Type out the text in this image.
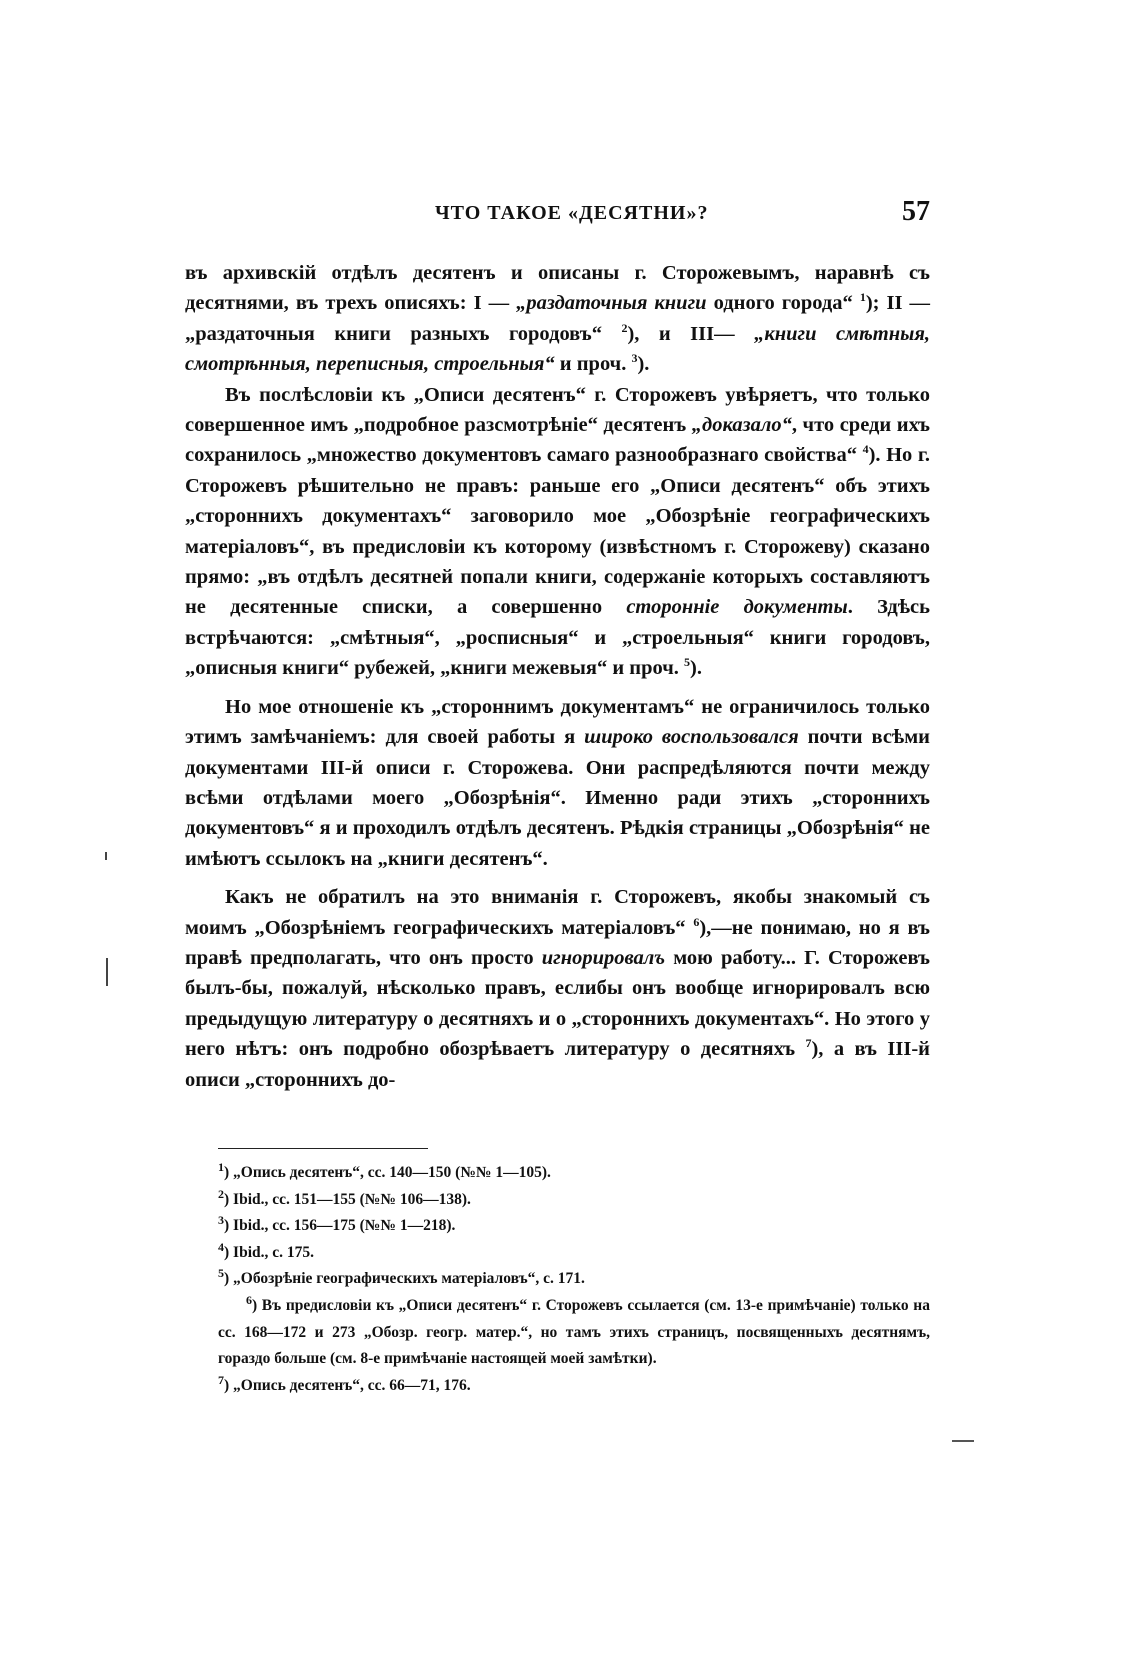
ЧТО ТАКОЕ «ДЕСЯТНИ»?	57

въ архивскій отдѣлъ десятенъ и описаны г. Сторожевымъ, наравнѣ съ десятнями, въ трехъ описяхъ: I — „раздаточныя книги одного города“ $^1$); II — „раздаточныя книги разныхъ городовъ“ $^2$), и III— „книги смѣтныя, смотрѣнныя, переписныя, строельныя“ и проч. $^3$).

Въ послѣсловіи къ „Описи десятенъ“ г. Сторожевъ увѣряетъ, что только совершенное имъ „подробное разсмотрѣніе“ десятенъ „доказало“, что среди ихъ сохранилось „множество документовъ самаго разнообразнаго свойства“ $^4$). Но г. Сторожевъ рѣшительно не правъ: раньше его „Описи десятенъ“ объ этихъ „стороннихъ документахъ“ заговорило мое „Обозрѣніе географическихъ матеріаловъ“, въ предисловіи къ которому (извѣстномъ г. Сторожеву) сказано прямо: „въ отдѣлъ десятней попали книги, содержаніе которыхъ составляютъ не десятенные списки, а совершенно сторонніе документы. Здѣсь встрѣчаются: „смѣтныя“, „росписныя“ и „строельныя“ книги городовъ, „описныя книги“ рубежей, „книги межевыя“ и проч. $^5$).

Но мое отношеніе къ „стороннимъ документамъ“ не ограничилось только этимъ замѣчаніемъ: для своей работы я широко воспользовался почти всѣми документами III-й описи г. Сторожева. Они распредѣляются почти между всѣми отдѣлами моего „Обозрѣнія“. Именно ради этихъ „стороннихъ документовъ“ я и проходилъ отдѣлъ десятенъ. Рѣдкія страницы „Обозрѣнія“ не имѣютъ ссылокъ на „книги десятенъ“.

Какъ не обратилъ на это вниманія г. Сторожевъ, якобы знакомый съ моимъ „Обозрѣніемъ географическихъ матеріаловъ“ $^6$),—не понимаю, но я въ правѣ предполагать, что онъ просто игнорировалъ мою работу... Г. Сторожевъ былъ-бы, пожалуй, нѣсколько правъ, еслибы онъ вообще игнорировалъ всю предыдущую литературу о десятняхъ и о „стороннихъ документахъ“. Но этого у него нѣтъ: онъ подробно обозрѣваетъ литературу о десятняхъ $^7$), а въ III-й описи „стороннихъ до-

$^1$) „Опись десятенъ“, сс. 140—150 (№№ 1—105).

$^2$) Ibid., сс. 151—155 (№№ 106—138).

$^3$) Ibid., сс. 156—175 (№№ 1—218).

$^4$) Ibid., с. 175.

$^5$) „Обозрѣніе географическихъ матеріаловъ“, с. 171.

$^6$) Въ предисловіи къ „Описи десятенъ“ г. Сторожевъ ссылается (см. 13-е примѣчаніе) только на сс. 168—172 и 273 „Обозр. геогр. матер.“, но тамъ этихъ страницъ, посвященныхъ десятнямъ, гораздо больше (см. 8-е примѣчаніе настоящей моей замѣтки).

$^7$) „Опись десятенъ“, сс. 66—71, 176.
